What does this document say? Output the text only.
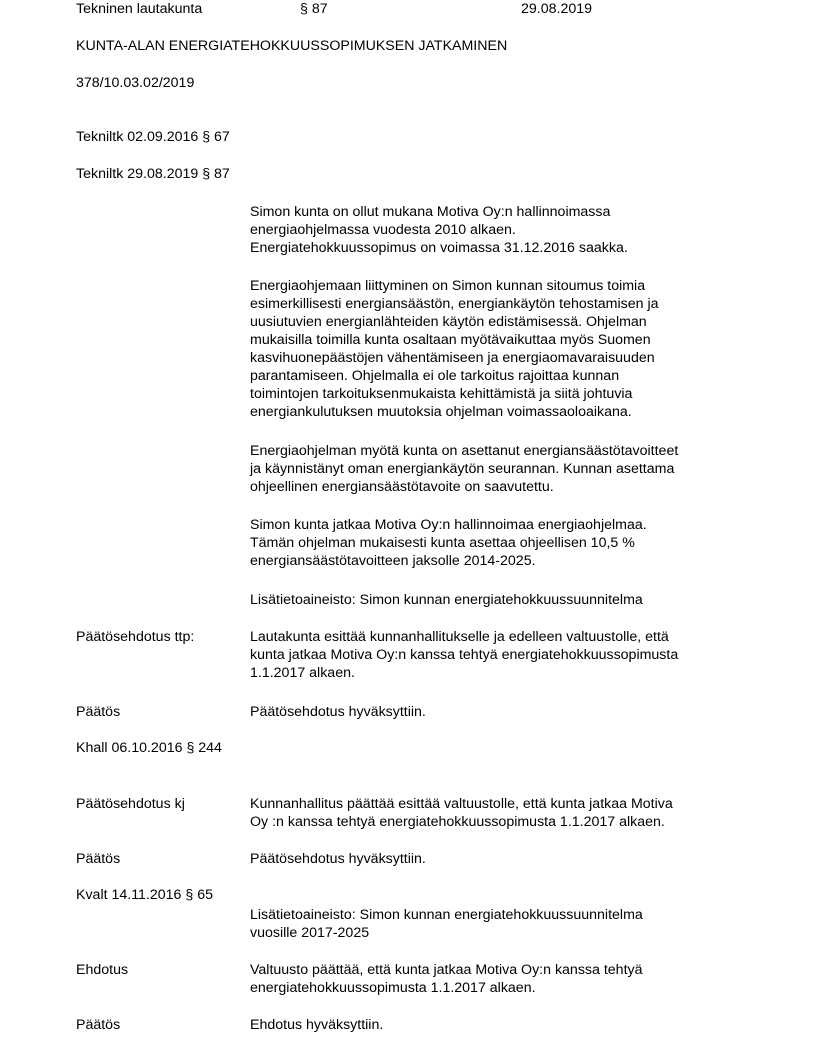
Tekninen lautakunta	§ 87	29.08.2019
KUNTA-ALAN ENERGIATEHOKKUUSSOPIMUKSEN JATKAMINEN
378/10.03.02/2019
Tekniltk 02.09.2016 § 67
Tekniltk 29.08.2019 § 87
Simon kunta on ollut mukana Motiva Oy:n hallinnoimassa
energiaohjelmassa vuodesta 2010 alkaen.
Energiatehokkuussopimus on voimassa 31.12.2016 saakka.
Energiaohjemaan liittyminen on Simon kunnan sitoumus toimia
esimerkillisesti energiansäästön, energiankäytön tehostamisen ja
uusiutuvien energianlähteiden käytön edistämisessä. Ohjelman
mukaisilla toimilla kunta osaltaan myötävaikuttaa myös Suomen
kasvihuonepäästöjen vähentämiseen ja energiaomavaraisuuden
parantamiseen. Ohjelmalla ei ole tarkoitus rajoittaa kunnan
toimintojen tarkoituksenmukaista kehittämistä ja siitä johtuvia
energiankulutuksen muutoksia ohjelman voimassaoloaikana.
Energiaohjelman myötä kunta on asettanut energiansäästötavoitteet
ja käynnistänyt oman energiankäytön seurannan. Kunnan asettama
ohjeellinen energiansäästötavoite on saavutettu.
Simon kunta jatkaa Motiva Oy:n hallinnoimaa energiaohjelmaa.
Tämän ohjelman mukaisesti kunta asettaa ohjeellisen 10,5 %
energiansäästötavoitteen jaksolle 2014-2025.
Lisätietoaineisto: Simon kunnan energiatehokkuussuunnitelma
Päätösehdotus ttp:	Lautakunta esittää kunnanhallitukselle ja edelleen valtuustolle, että
kunta jatkaa Motiva Oy:n kanssa tehtyä energiatehokkuussopimusta
1.1.2017 alkaen.
Päätös	Päätösehdotus hyväksyttiin.
Khall 06.10.2016 § 244
Päätösehdotus kj	Kunnanhallitus päättää esittää valtuustolle, että kunta jatkaa Motiva
Oy :n kanssa tehtyä energiatehokkuussopimusta 1.1.2017 alkaen.
Päätös	Päätösehdotus hyväksyttiin.
Kvalt 14.11.2016 § 65
Lisätietoaineisto: Simon kunnan energiatehokkuussuunnitelma
vuosille 2017-2025
Ehdotus	Valtuusto päättää, että kunta jatkaa Motiva Oy:n kanssa tehtyä
energiatehokkuussopimusta 1.1.2017 alkaen.
Päätös	Ehdotus hyväksyttiin.
